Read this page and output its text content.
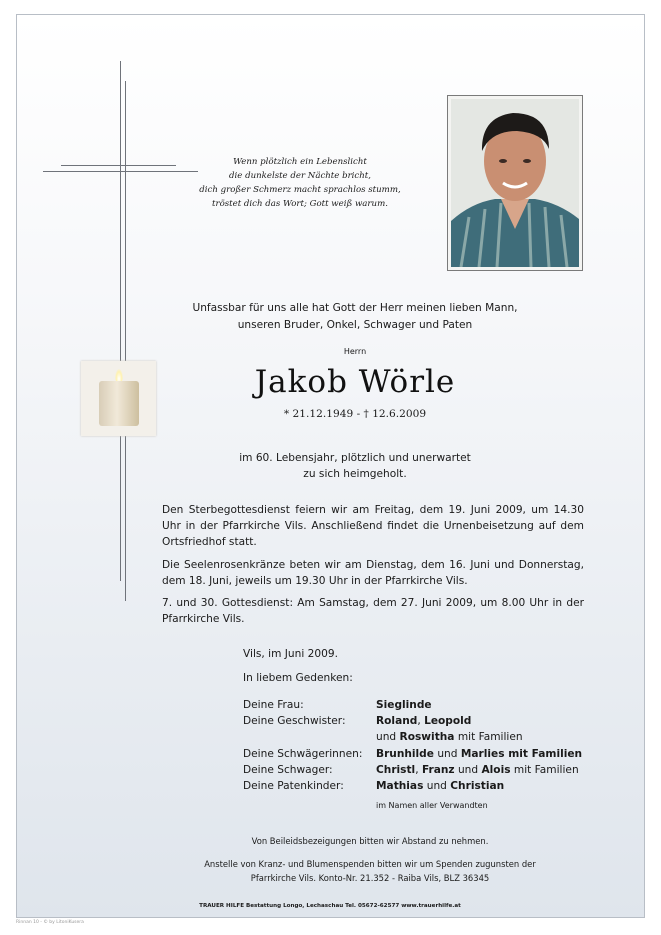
Wenn plötzlich ein Lebenslicht
die dunkelste der Nächte bricht,
dich großer Schmerz macht sprachlos stumm,
tröstet dich das Wort; Gott weiß warum.
Unfassbar für uns alle hat Gott der Herr meinen lieben Mann,
unseren Bruder, Onkel, Schwager und Paten
Herrn
Jakob Wörle
* 21.12.1949 - † 12.6.2009
im 60. Lebensjahr, plötzlich und unerwartet
zu sich heimgeholt.
Den Sterbegottesdienst feiern wir am Freitag, dem 19. Juni 2009, um 14.30 Uhr in der Pfarrkirche Vils. Anschließend findet die Urnenbeisetzung auf dem Ortsfriedhof statt.
Die Seelenrosenkränze beten wir am Dienstag, dem 16. Juni und Donnerstag, dem 18. Juni, jeweils um 19.30 Uhr in der Pfarrkirche Vils.
7. und 30. Gottesdienst: Am Samstag, dem 27. Juni 2009, um 8.00 Uhr in der Pfarrkirche Vils.
Vils, im Juni 2009.
In liebem Gedenken:
Deine Frau:	Sieglinde
Deine Geschwister:	Roland, Leopold
und Roswitha mit Familien
Deine Schwägerinnen:	Brunhilde und Marlies mit Familien
Deine Schwager:	Christl, Franz und Alois mit Familien
Deine Patenkinder:	Mathias und Christian
im Namen aller Verwandten
Von Beileidsbezeigungen bitten wir Abstand zu nehmen.
Anstelle von Kranz- und Blumenspenden bitten wir um Spenden zugunsten der
Pfarrkirche Vils. Konto-Nr. 21.352 - Raiba Vils, BLZ 36345
TRAUER HILFE Bestattung Longo, Lechaschau Tel. 05672-62577 www.trauerhilfe.at
Rinnan 10 - © by LitoniKusera
